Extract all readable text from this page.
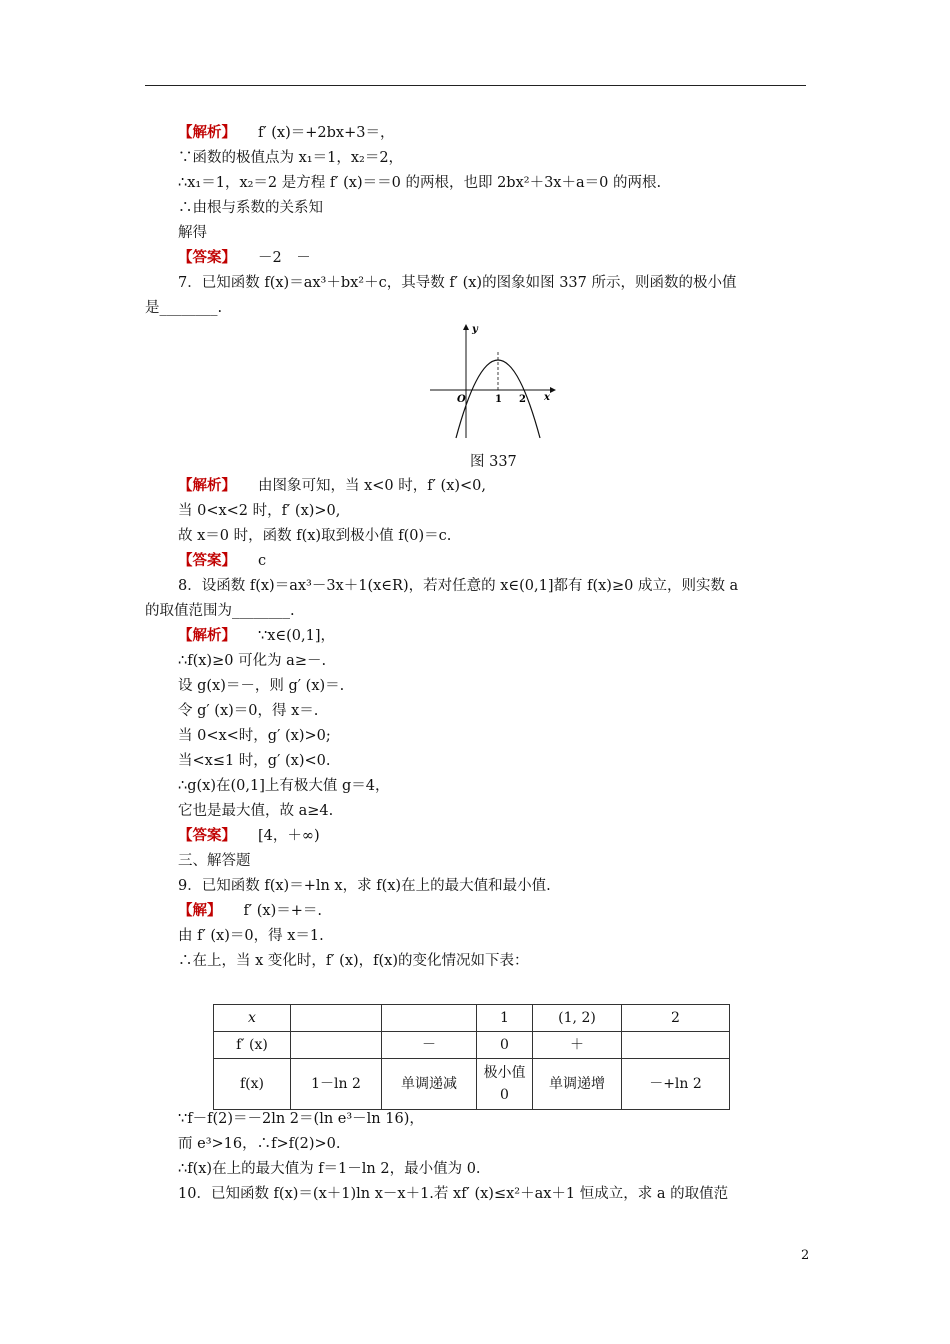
【解析】 f′ (x)＝+2bx+3＝，
∵函数的极值点为 x₁＝1，x₂＝2，
∴x₁＝1，x₂＝2 是方程 f′ (x)＝＝0 的两根，也即 2bx²＋3x＋a＝0 的两根.
∴由根与系数的关系知
解得
【答案】 －2　－
7．已知函数 f(x)＝ax³＋bx²＋c，其导数 f′ (x)的图象如图 337 所示，则函数的极小值
是________.
【解析】 由图象可知，当 x<0 时，f′ (x)<0,
当 0<x<2 时，f′ (x)>0,
故 x＝0 时，函数 f(x)取到极小值 f(0)＝c.
【答案】 c
8．设函数 f(x)＝ax³－3x＋1(x∈R)，若对任意的 x∈(0,1]都有 f(x)≥0 成立，则实数 a
的取值范围为________.
【解析】 ∵x∈(0,1]，
∴f(x)≥0 可化为 a≥－.
设 g(x)＝－，则 g′ (x)＝.
令 g′ (x)＝0，得 x＝.
当 0<x<时，g′ (x)>0;
当<x≤1 时，g′ (x)<0.
∴g(x)在(0,1]上有极大值 g＝4，
它也是最大值，故 a≥4.
【答案】 [4，＋∞)
三、解答题
9．已知函数 f(x)＝+ln x，求 f(x)在上的最大值和最小值.
【解】 f′ (x)＝+＝.
由 f′ (x)＝0，得 x＝1.
∴在上，当 x 变化时，f′ (x)，f(x)的变化情况如下表：
∵f－f(2)＝－2ln 2＝(ln e³－ln 16)，
而 e³>16，∴f>f(2)>0.
∴f(x)在上的最大值为 f＝1－ln 2，最小值为 0.
10．已知函数 f(x)＝(x＋1)ln x－x＋1.若 xf′ (x)≤x²＋ax＋1 恒成立，求 a 的取值范
y
x
O	1 2
图 337
x			1	(1, 2)	2
f′ (x)		－	0	＋	
f(x)	1－ln 2	单调递减	极小值 0	单调递增	－+ln 2
2
